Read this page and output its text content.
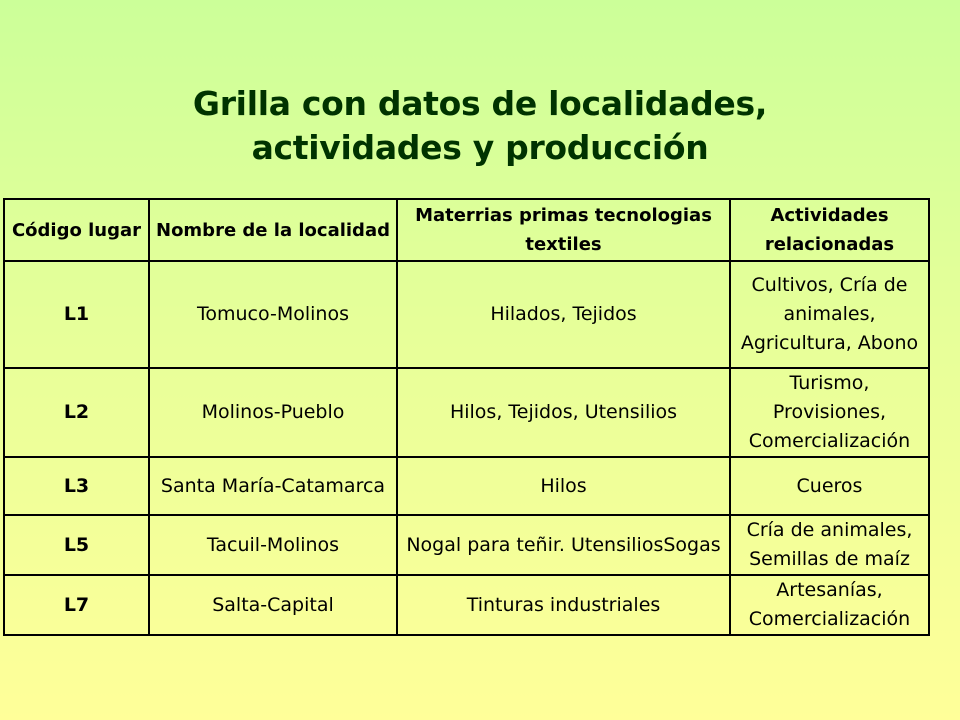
Grilla con datos de localidades,
actividades y producción
Código lugar	Nombre de la localidad	Materrias primas tecnologias textiles	Actividades relacionadas
L1	Tomuco-Molinos	Hilados, Tejidos	Cultivos, Cría de animales, Agricultura, Abono
L2	Molinos-Pueblo	Hilos, Tejidos, Utensilios	Turismo, Provisiones, Comercialización
L3	Santa María-Catamarca	Hilos	Cueros
L5	Tacuil-Molinos	Nogal para teñir. UtensiliosSogas	Cría de animales, Semillas de maíz
L7	Salta-Capital	Tinturas industriales	Artesanías, Comercialización
